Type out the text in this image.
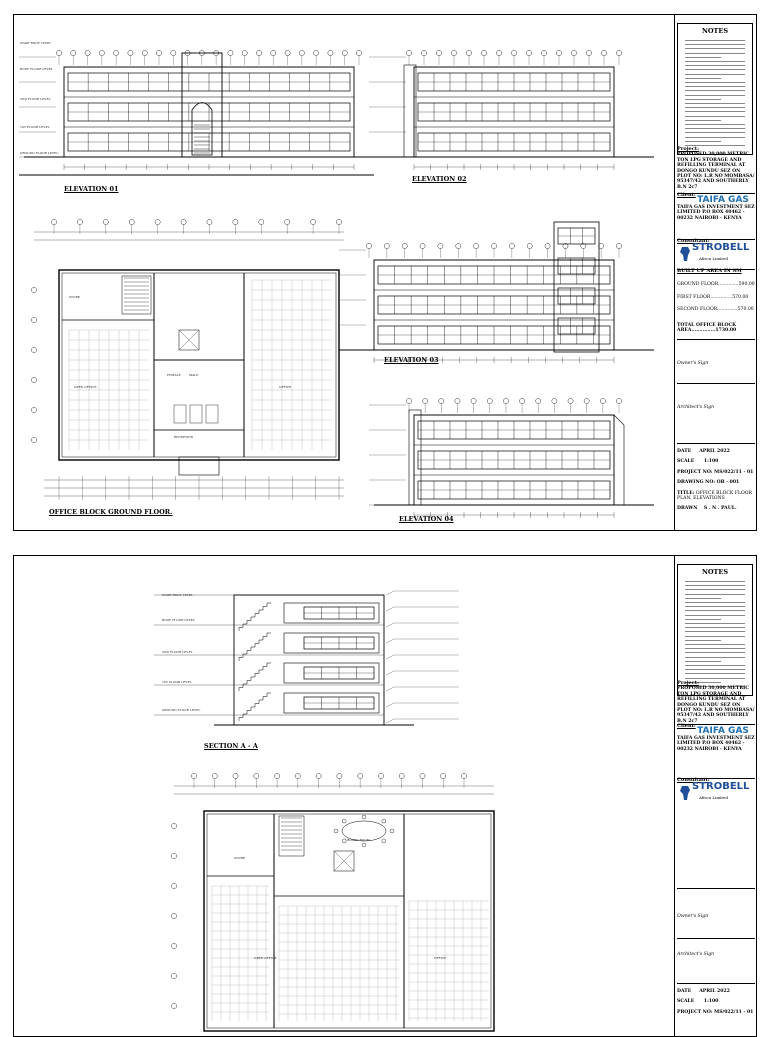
ELEVATION 01
ELEVATION 02
OFFICE BLOCK GROUND FLOOR.
ELEVATION 03
ELEVATION 04
STAIR ROOF LEVEL
ROOF FLOOR LEVEL
2ND FLOOR LEVEL
1ST FLOOR LEVEL
GROUND FLOOR LEVEL
FEMALE	MALE
RECEPTION
STORE
OPEN OFFICE	OFFICE
NOTES
Project:
PROPOSED 30,000 METRIC TON LPG STORAGE AND REFILLING TERMINAL AT DONGO KUNDU SEZ ON PLOT NO: L.R NO MOMBASA/ 95347/42 AND SOUTHERLY B.N 2c7
Client:
TAIFA GAS
TAIFA GAS INVESTMENT SEZ LIMITED P.O BOX 40462 - 00232 NAIROBI - KENYA
Consultant:
STROBELL
Africa Limited
BUILT UP AREA IN SM
GROUND FLOOR..............590.00
FIRST FLOOR...............570.00
SECOND FLOOR..............570.00
TOTAL OFFICE BLOCK AREA...............1730.00
Owner's Sign
Architect's Sign
DATE APRIL 2022
SCALE 1:100
PROJECT NO: MS/022/11 - 01
DRAWING NO: OB - 001
TITLE: OFFICE BLOCK FLOOR PLAN, ELEVATIONS
DRAWN S . N . PAUL.
SECTION A - A
STAIR ROOF LEVEL
ROOF FLOOR LEVEL
2ND FLOOR LEVEL
1ST FLOOR LEVEL
GROUND FLOOR LEVEL
BOARD ROOM
OPEN OFFICE	OFFICE
STORE
NOTES
Project:
PROPOSED 30,000 METRIC TON LPG STORAGE AND REFILLING TERMINAL AT DONGO KUNDU SEZ ON PLOT NO: L.R NO MOMBASA/ 95347/42 AND SOUTHERLY B.N 2c7
Client:
TAIFA GAS
TAIFA GAS INVESTMENT SEZ LIMITED P.O BOX 40462 - 00232 NAIROBI - KENYA
Consultant:
STROBELL
Africa Limited
Owner's Sign
Architect's Sign
DATE APRIL 2022
SCALE 1:100
PROJECT NO: MS/022/11 - 01
